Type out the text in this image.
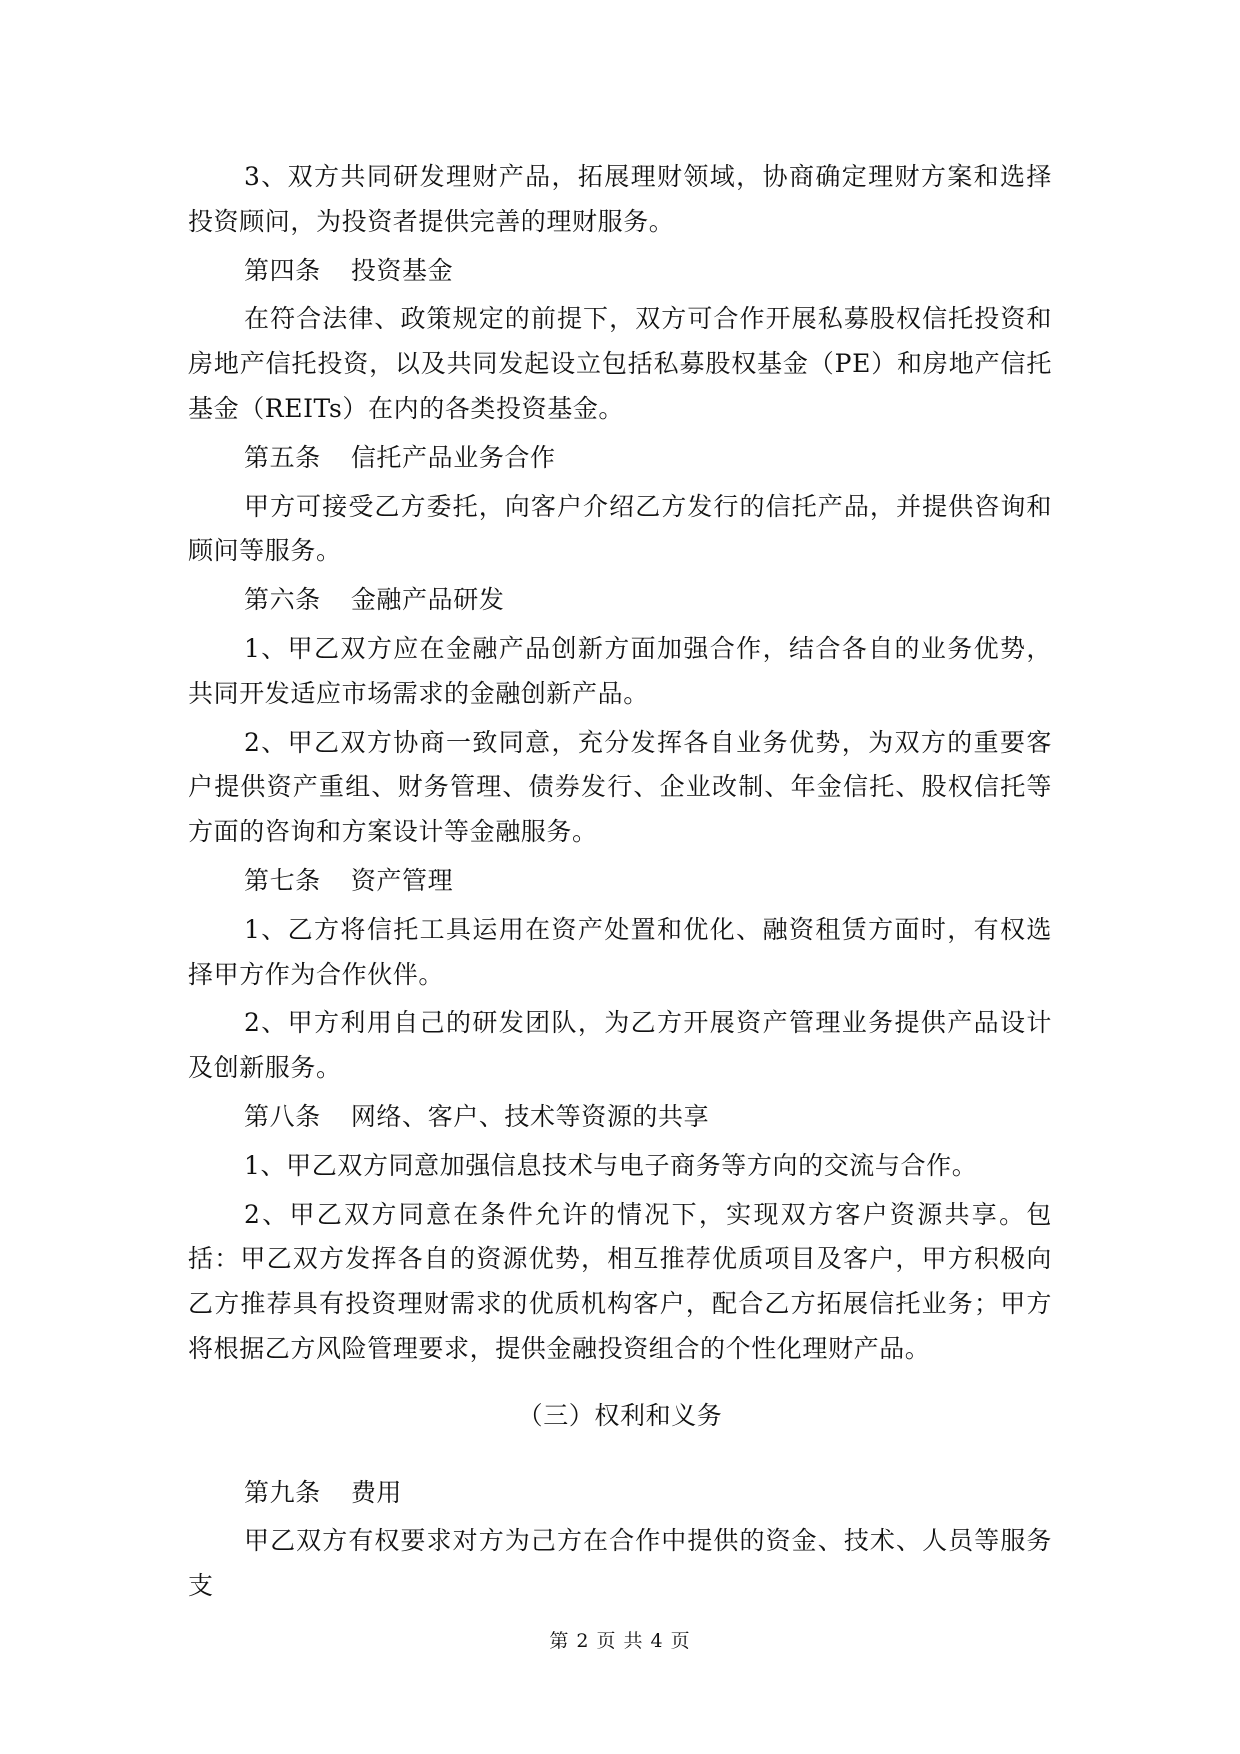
3、双方共同研发理财产品，拓展理财领域，协商确定理财方案和选择投资顾问，为投资者提供完善的理财服务。

第四条 投资基金

在符合法律、政策规定的前提下，双方可合作开展私募股权信托投资和房地产信托投资，以及共同发起设立包括私募股权基金（PE）和房地产信托基金（REITs）在内的各类投资基金。

第五条 信托产品业务合作

甲方可接受乙方委托，向客户介绍乙方发行的信托产品，并提供咨询和顾问等服务。

第六条 金融产品研发

1、甲乙双方应在金融产品创新方面加强合作，结合各自的业务优势，共同开发适应市场需求的金融创新产品。

2、甲乙双方协商一致同意，充分发挥各自业务优势，为双方的重要客户提供资产重组、财务管理、债券发行、企业改制、年金信托、股权信托等方面的咨询和方案设计等金融服务。

第七条 资产管理

1、乙方将信托工具运用在资产处置和优化、融资租赁方面时，有权选择甲方作为合作伙伴。

2、甲方利用自己的研发团队，为乙方开展资产管理业务提供产品设计及创新服务。

第八条 网络、客户、技术等资源的共享

1、甲乙双方同意加强信息技术与电子商务等方向的交流与合作。

2、甲乙双方同意在条件允许的情况下，实现双方客户资源共享。包括：甲乙双方发挥各自的资源优势，相互推荐优质项目及客户，甲方积极向乙方推荐具有投资理财需求的优质机构客户，配合乙方拓展信托业务；甲方将根据乙方风险管理要求，提供金融投资组合的个性化理财产品。

（三）权利和义务
第九条 费用

甲乙双方有权要求对方为己方在合作中提供的资金、技术、人员等服务支

第 2 页 共 4 页
